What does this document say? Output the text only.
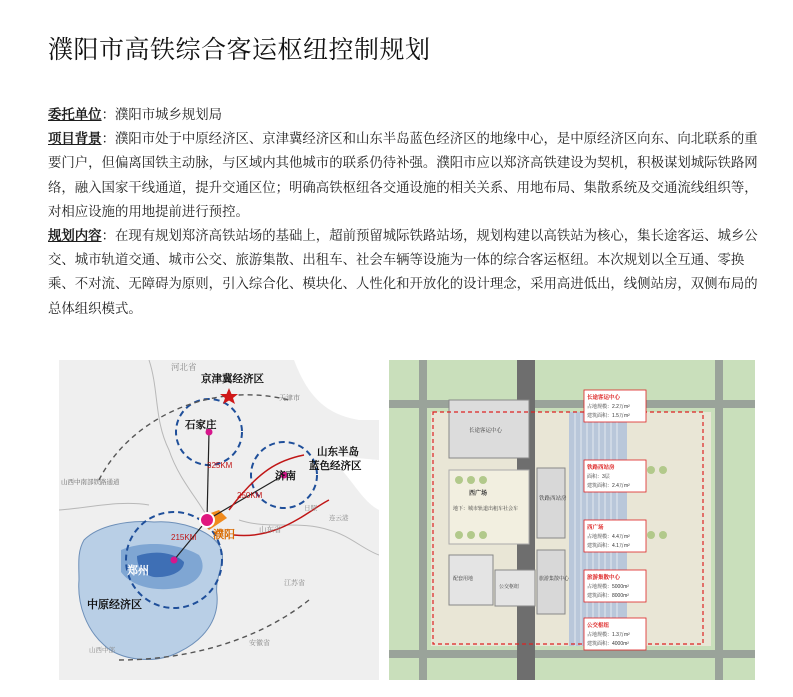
濮阳市高铁综合客运枢纽控制规划

委托单位：濮阳市城乡规划局

项目背景：濮阳市处于中原经济区、京津冀经济区和山东半岛蓝色经济区的地缘中心，是中原经济区向东、向北联系的重要门户，但偏离国铁主动脉，与区域内其他城市的联系仍待补强。濮阳市应以郑济高铁建设为契机，积极谋划城际铁路网络，融入国家干线通道，提升交通区位；明确高铁枢纽各交通设施的相关关系、用地布局、集散系统及交通流线组织等，对相应设施的用地提前进行预控。

规划内容：在现有规划郑济高铁站场的基础上，超前预留城际铁路站场，规划构建以高铁站为核心，集长途客运、城乡公交、城市轨道交通、城市公交、旅游集散、出租车、社会车辆等设施为一体的综合客运枢纽。本次规划以全互通、零换乘、不对流、无障碍为原则，引入综合化、模块化、人性化和开放化的设计理念，采用高进低出，线侧站房，双侧布局的总体组织模式。

河北省
京津冀经济区
石家庄
天津市
山东半岛
蓝色经济区
济南
325KM
250KM
215KM 濮阳
郑州
山西中南部铁路通道
山东省
中原经济区
江苏省
安徽省
日照
连云港
山西中部
长途客运中心
占地规模：2.2万m²
建筑面积：1.5万m²
铁路西站房
面积：3层
建筑面积：2.4万m²
西广场
占地规模：4.4万m²
建筑面积：4.1万m²
旅游集散中心
占地规模：5000m²
建筑面积：8000m²
公交枢纽
占地规模：1.3万m²
建筑面积：4000m²
长途客运中心
西广场
地下：城市轨道出租车社会车
铁路西站房
旅游集散中心
公交枢纽
配套用地
